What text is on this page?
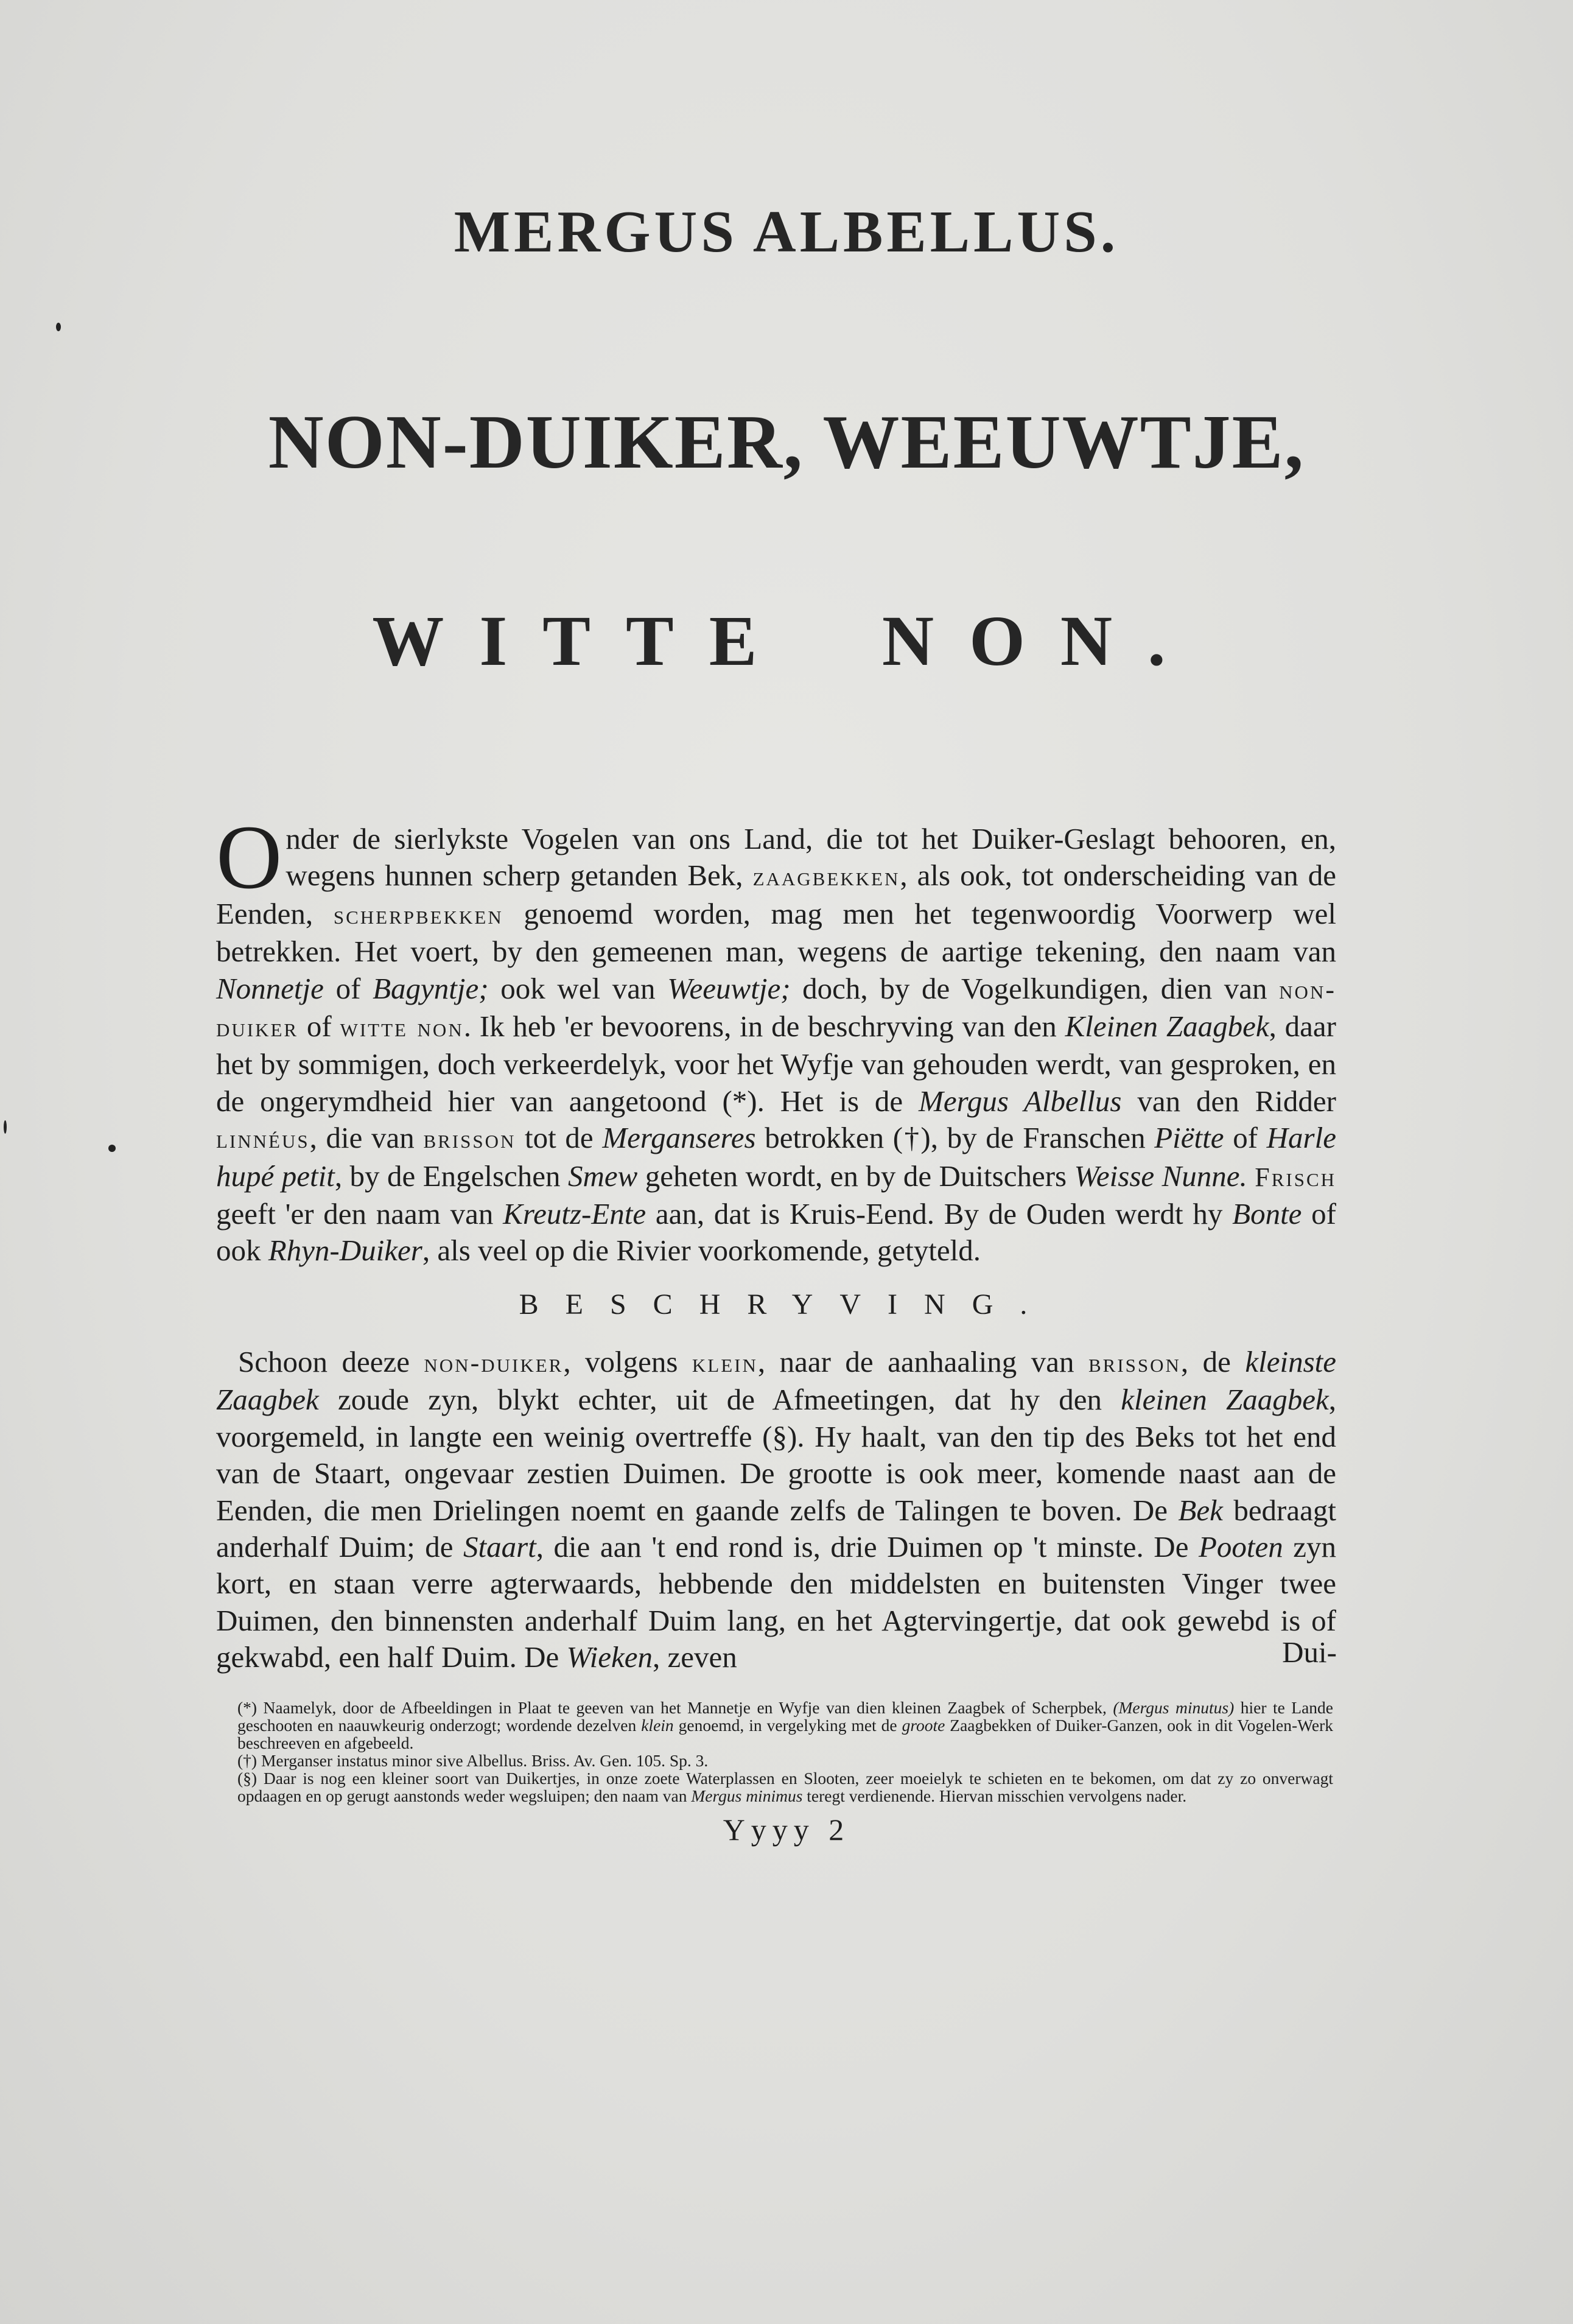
MERGUS ALBELLUS.
NON-DUIKER, WEEUWTJE,
WITTE NON.
Onder de sierlykste Vogelen van ons Land, die tot het Duiker-Geslagt behooren, en, wegens hunnen scherp getanden Bek, zaagbekken, als ook, tot onderscheiding van de Eenden, scherpbekken genoemd worden, mag men het tegenwoordig Voorwerp wel betrekken. Het voert, by den gemeenen man, wegens de aartige tekening, den naam van Nonnetje of Bagyntje; ook wel van Weeuwtje; doch, by de Vogelkundigen, dien van non-duiker of witte non. Ik heb 'er bevoorens, in de beschryving van den Kleinen Zaagbek, daar het by sommigen, doch verkeerdelyk, voor het Wyfje van gehouden werdt, van gesproken, en de ongerymdheid hier van aangetoond (*). Het is de Mergus Albellus van den Ridder linnéus, die van brisson tot de Merganseres betrokken (†), by de Franschen Piëtte of Harle hupé petit, by de Engelschen Smew geheten wordt, en by de Duitschers Weisse Nunne. Frisch geeft 'er den naam van Kreutz-Ente aan, dat is Kruis-Eend. By de Ouden werdt hy Bonte of ook Rhyn-Duiker, als veel op die Rivier voorkomende, getyteld.
BESCHRYVING.
Schoon deeze non-duiker, volgens klein, naar de aanhaaling van brisson, de kleinste Zaagbek zoude zyn, blykt echter, uit de Afmeetingen, dat hy den kleinen Zaagbek, voorgemeld, in langte een weinig overtreffe (§). Hy haalt, van den tip des Beks tot het end van de Staart, ongevaar zestien Duimen. De grootte is ook meer, komende naast aan de Eenden, die men Drielingen noemt en gaande zelfs de Talingen te boven. De Bek bedraagt anderhalf Duim; de Staart, die aan 't end rond is, drie Duimen op 't minste. De Pooten zyn kort, en staan verre agterwaards, hebbende den middelsten en buitensten Vinger twee Duimen, den binnensten anderhalf Duim lang, en het Agtervingertje, dat ook gewebd is of gekwabd, een half Duim. De Wieken, zeven	Dui-

(*) Naamelyk, door de Afbeeldingen in Plaat te geeven van het Mannetje en Wyfje van dien kleinen Zaagbek of Scherpbek, (Mergus minutus) hier te Lande geschooten en naauwkeurig onderzogt; wordende dezelven klein genoemd, in vergelyking met de groote Zaagbekken of Duiker-Ganzen, ook in dit Vogelen-Werk beschreeven en afgebeeld.

(†) Merganser instatus minor sive Albellus. Briss. Av. Gen. 105. Sp. 3.

(§) Daar is nog een kleiner soort van Duikertjes, in onze zoete Waterplassen en Slooten, zeer moeielyk te schieten en te bekomen, om dat zy zo onverwagt opdaagen en op gerugt aanstonds weder wegsluipen; den naam van Mergus minimus teregt verdienende. Hiervan misschien vervolgens nader.

Yyyy 2
